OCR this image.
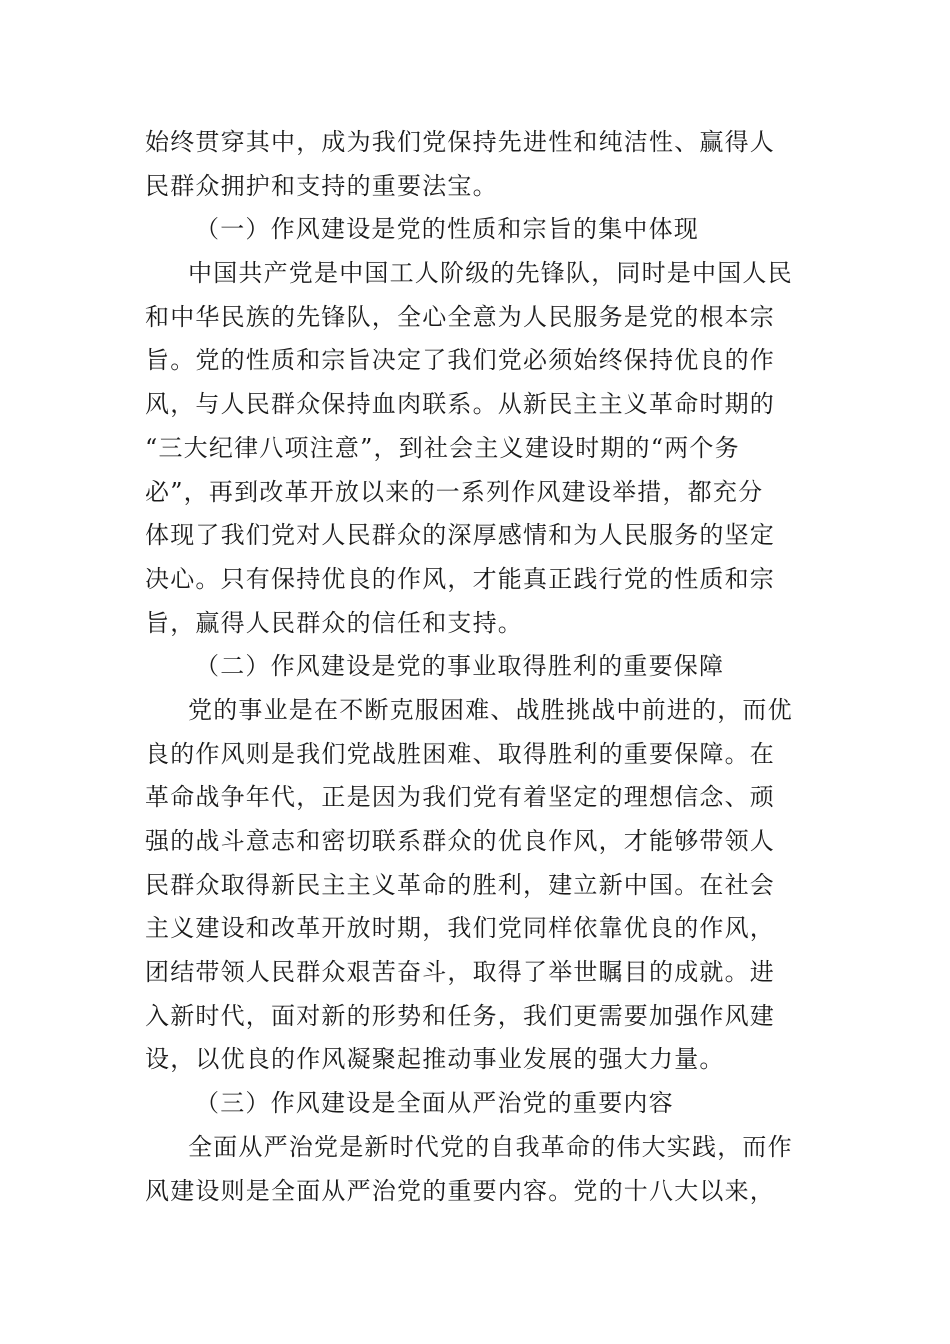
始终贯穿其中，成为我们党保持先进性和纯洁性、赢得人
民群众拥护和支持的重要法宝。
（一）作风建设是党的性质和宗旨的集中体现
中国共产党是中国工人阶级的先锋队，同时是中国人民
和中华民族的先锋队，全心全意为人民服务是党的根本宗
旨。党的性质和宗旨决定了我们党必须始终保持优良的作
风，与人民群众保持血肉联系。从新民主主义革命时期的
“三大纪律八项注意”，到社会主义建设时期的“两个务
必”，再到改革开放以来的一系列作风建设举措，都充分
体现了我们党对人民群众的深厚感情和为人民服务的坚定
决心。只有保持优良的作风，才能真正践行党的性质和宗
旨，赢得人民群众的信任和支持。
（二）作风建设是党的事业取得胜利的重要保障
党的事业是在不断克服困难、战胜挑战中前进的，而优
良的作风则是我们党战胜困难、取得胜利的重要保障。在
革命战争年代，正是因为我们党有着坚定的理想信念、顽
强的战斗意志和密切联系群众的优良作风，才能够带领人
民群众取得新民主主义革命的胜利，建立新中国。在社会
主义建设和改革开放时期，我们党同样依靠优良的作风，
团结带领人民群众艰苦奋斗，取得了举世瞩目的成就。进
入新时代，面对新的形势和任务，我们更需要加强作风建
设，以优良的作风凝聚起推动事业发展的强大力量。
（三）作风建设是全面从严治党的重要内容
全面从严治党是新时代党的自我革命的伟大实践，而作
风建设则是全面从严治党的重要内容。党的十八大以来，
